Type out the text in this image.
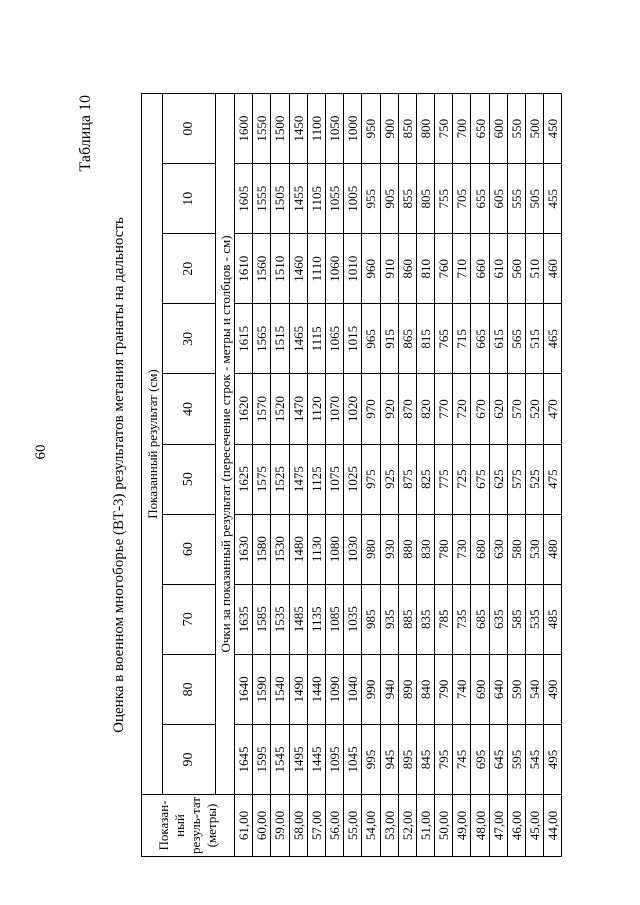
60
Таблица 10
Оценка в военном многоборье (ВТ-3) результатов метания гранаты на дальность
Показан-ный резуль-тат (метры)	Показанный результат (см)									
	90	80	70	60	50	40	30	20	10	00
	Очки за показанный результат (пересечение строк - метры и столбцов - см)									
61,00	1645	1640	1635	1630	1625	1620	1615	1610	1605	1600
60,00	1595	1590	1585	1580	1575	1570	1565	1560	1555	1550
59,00	1545	1540	1535	1530	1525	1520	1515	1510	1505	1500
58,00	1495	1490	1485	1480	1475	1470	1465	1460	1455	1450
57,00	1445	1440	1135	1130	1125	1120	1115	1110	1105	1100
56,00	1095	1090	1085	1080	1075	1070	1065	1060	1055	1050
55,00	1045	1040	1035	1030	1025	1020	1015	1010	1005	1000
54,00	995	990	985	980	975	970	965	960	955	950
53,00	945	940	935	930	925	920	915	910	905	900
52,00	895	890	885	880	875	870	865	860	855	850
51,00	845	840	835	830	825	820	815	810	805	800
50,00	795	790	785	780	775	770	765	760	755	750
49,00	745	740	735	730	725	720	715	710	705	700
48,00	695	690	685	680	675	670	665	660	655	650
47,00	645	640	635	630	625	620	615	610	605	600
46,00	595	590	585	580	575	570	565	560	555	550
45,00	545	540	535	530	525	520	515	510	505	500
44,00	495	490	485	480	475	470	465	460	455	450
